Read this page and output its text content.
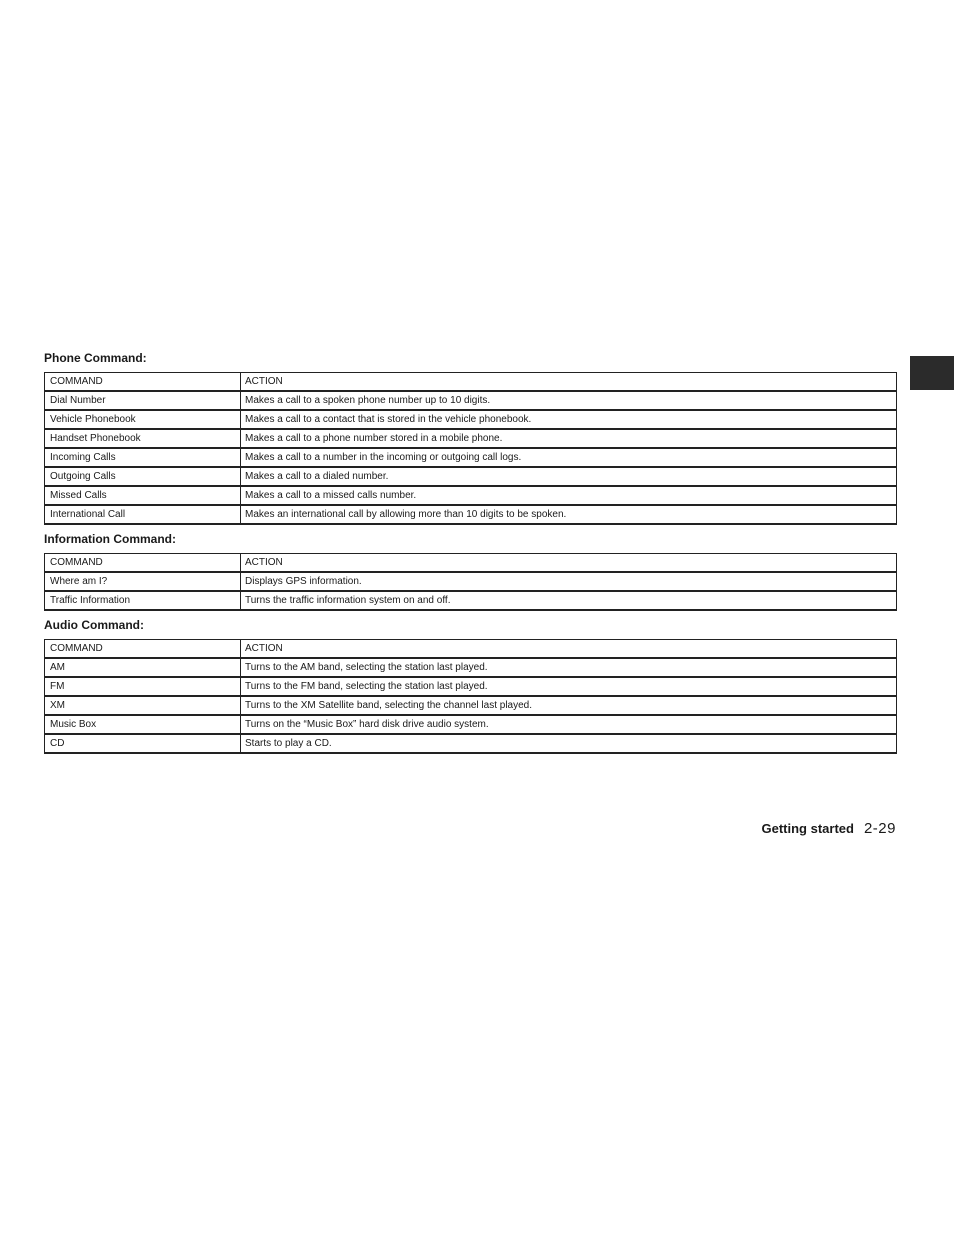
Phone Command:
COMMAND	ACTION
Dial Number	Makes a call to a spoken phone number up to 10 digits.
Vehicle Phonebook	Makes a call to a contact that is stored in the vehicle phonebook.
Handset Phonebook	Makes a call to a phone number stored in a mobile phone.
Incoming Calls	Makes a call to a number in the incoming or outgoing call logs.
Outgoing Calls	Makes a call to a dialed number.
Missed Calls	Makes a call to a missed calls number.
International Call	Makes an international call by allowing more than 10 digits to be spoken.
Information Command:
COMMAND	ACTION
Where am I?	Displays GPS information.
Traffic Information	Turns the traffic information system on and off.
Audio Command:
COMMAND	ACTION
AM	Turns to the AM band, selecting the station last played.
FM	Turns to the FM band, selecting the station last played.
XM	Turns to the XM Satellite band, selecting the channel last played.
Music Box	Turns on the “Music Box” hard disk drive audio system.
CD	Starts to play a CD.
Getting started 2-29
